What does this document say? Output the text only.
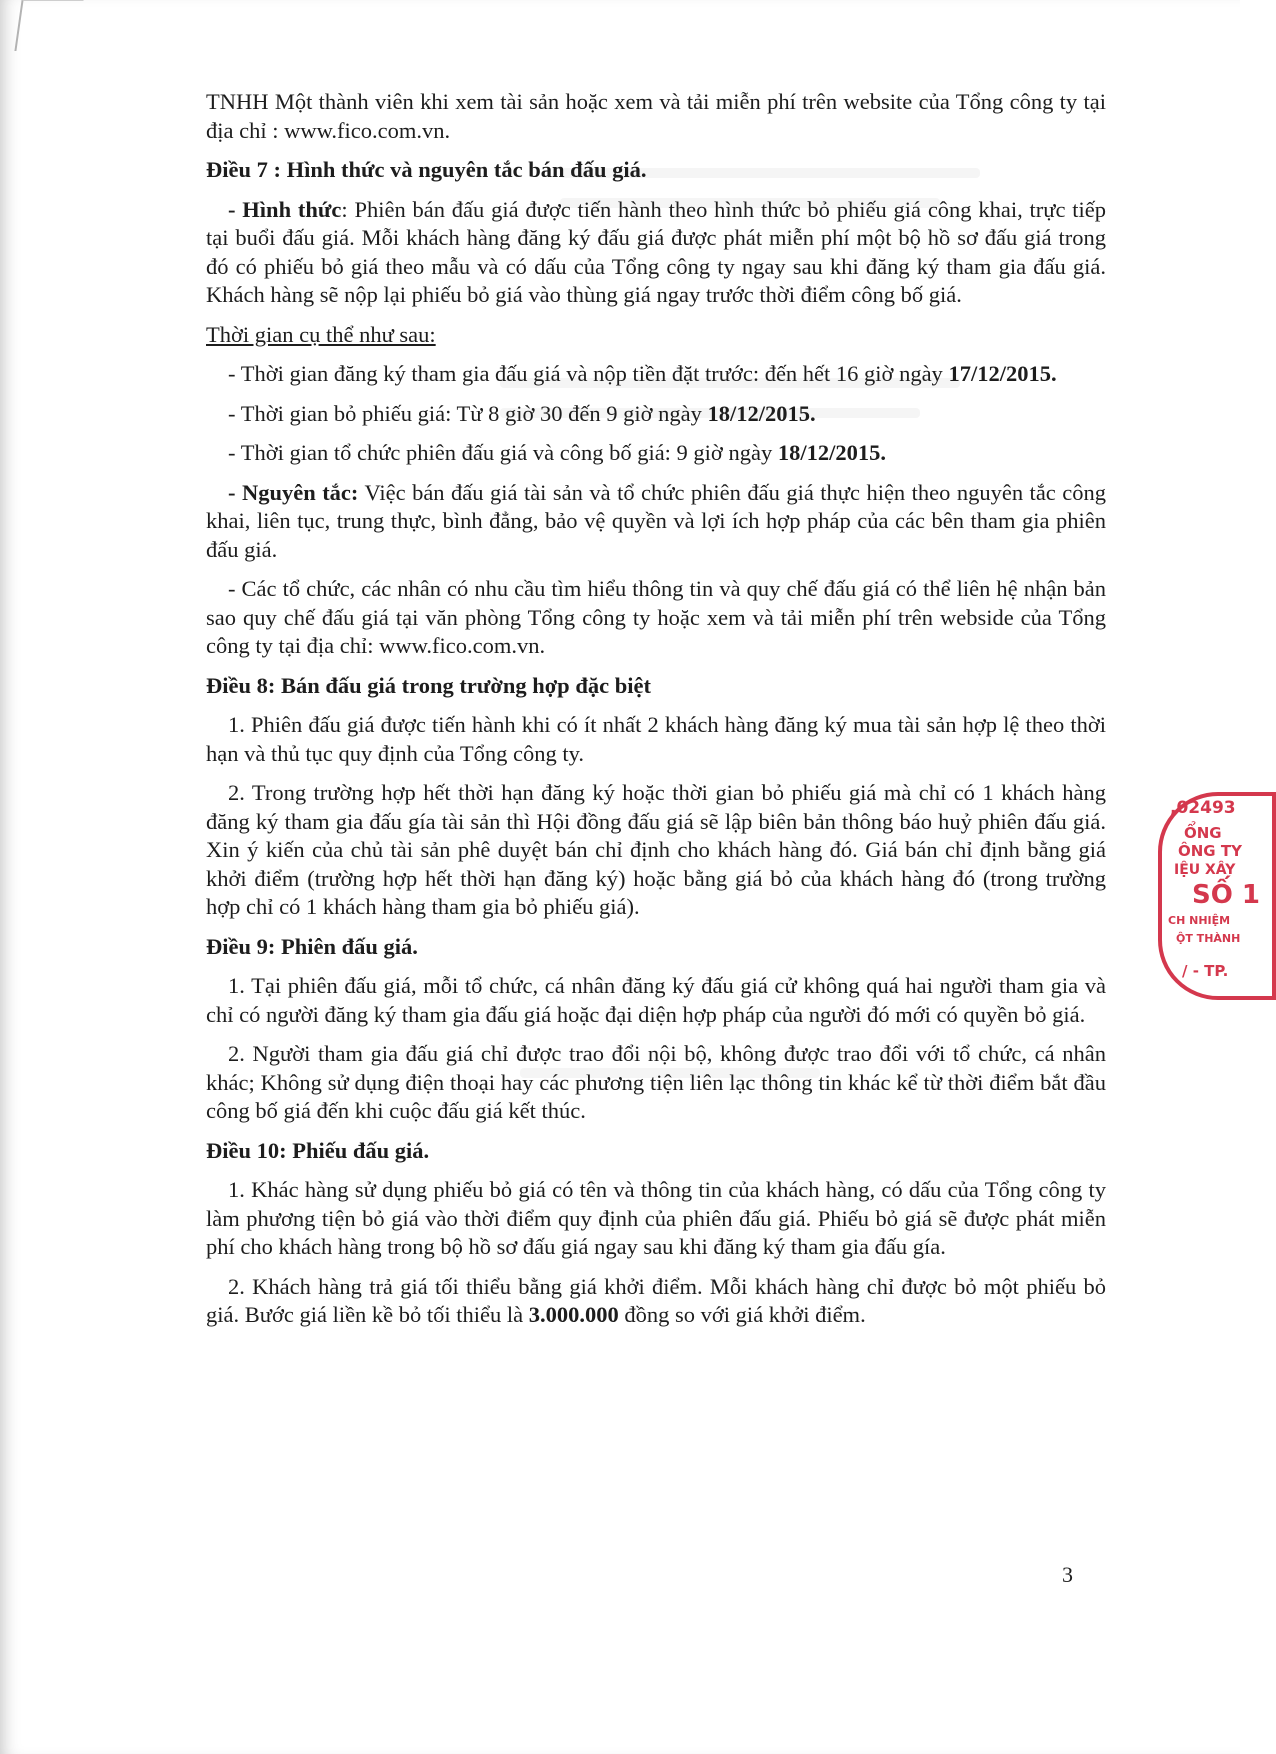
TNHH Một thành viên khi xem tài sản hoặc xem và tải miễn phí trên website của Tổng công ty tại địa chỉ : www.fico.com.vn.

Điều 7 : Hình thức và nguyên tắc bán đấu giá.

- Hình thức: Phiên bán đấu giá được tiến hành theo hình thức bỏ phiếu giá công khai, trực tiếp tại buổi đấu giá. Mỗi khách hàng đăng ký đấu giá được phát miễn phí một bộ hồ sơ đấu giá trong đó có phiếu bỏ giá theo mẫu và có dấu của Tổng công ty ngay sau khi đăng ký tham gia đấu giá. Khách hàng sẽ nộp lại phiếu bỏ giá vào thùng giá ngay trước thời điểm công bố giá.

Thời gian cụ thể như sau:

- Thời gian đăng ký tham gia đấu giá và nộp tiền đặt trước: đến hết 16 giờ ngày 17/12/2015.

- Thời gian bỏ phiếu giá: Từ 8 giờ 30 đến 9 giờ ngày 18/12/2015.

- Thời gian tổ chức phiên đấu giá và công bố giá: 9 giờ ngày 18/12/2015.

- Nguyên tắc: Việc bán đấu giá tài sản và tổ chức phiên đấu giá thực hiện theo nguyên tắc công khai, liên tục, trung thực, bình đẳng, bảo vệ quyền và lợi ích hợp pháp của các bên tham gia phiên đấu giá.

- Các tổ chức, các nhân có nhu cầu tìm hiểu thông tin và quy chế đấu giá có thể liên hệ nhận bản sao quy chế đấu giá tại văn phòng Tổng công ty hoặc xem và tải miễn phí trên webside của Tổng công ty tại địa chỉ: www.fico.com.vn.

Điều 8: Bán đấu giá trong trường hợp đặc biệt

1. Phiên đấu giá được tiến hành khi có ít nhất 2 khách hàng đăng ký mua tài sản hợp lệ theo thời hạn và thủ tục quy định của Tổng công ty.

2. Trong trường hợp hết thời hạn đăng ký hoặc thời gian bỏ phiếu giá mà chỉ có 1 khách hàng đăng ký tham gia đấu gía tài sản thì Hội đồng đấu giá sẽ lập biên bản thông báo huỷ phiên đấu giá. Xin ý kiến của chủ tài sản phê duyệt bán chỉ định cho khách hàng đó. Giá bán chỉ định bằng giá khởi điểm (trường hợp hết thời hạn đăng ký) hoặc bằng giá bỏ của khách hàng đó (trong trường hợp chỉ có 1 khách hàng tham gia bỏ phiếu giá).

Điều 9: Phiên đấu giá.

1. Tại phiên đấu giá, mỗi tổ chức, cá nhân đăng ký đấu giá cử không quá hai người tham gia và chỉ có người đăng ký tham gia đấu giá hoặc đại diện hợp pháp của người đó mới có quyền bỏ giá.

2. Người tham gia đấu giá chỉ được trao đổi nội bộ, không được trao đổi với tổ chức, cá nhân khác; Không sử dụng điện thoại hay các phương tiện liên lạc thông tin khác kể từ thời điểm bắt đầu công bố giá đến khi cuộc đấu giá kết thúc.

Điều 10: Phiếu đấu giá.

1. Khác hàng sử dụng phiếu bỏ giá có tên và thông tin của khách hàng, có dấu của Tổng công ty làm phương tiện bỏ giá vào thời điểm quy định của phiên đấu giá. Phiếu bỏ giá sẽ được phát miễn phí cho khách hàng trong bộ hồ sơ đấu giá ngay sau khi đăng ký tham gia đấu gía.

2. Khách hàng trả giá tối thiểu bằng giá khởi điểm. Mỗi khách hàng chỉ được bỏ một phiếu bỏ giá. Bước giá liền kề bỏ tối thiểu là 3.000.000 đồng so với giá khởi điểm.

3
,02493
ỔNG
ÔNG TY
IỆU XÂY
SỐ 1
CH NHIỆM
ỘT THÀNH
/ - TP.
